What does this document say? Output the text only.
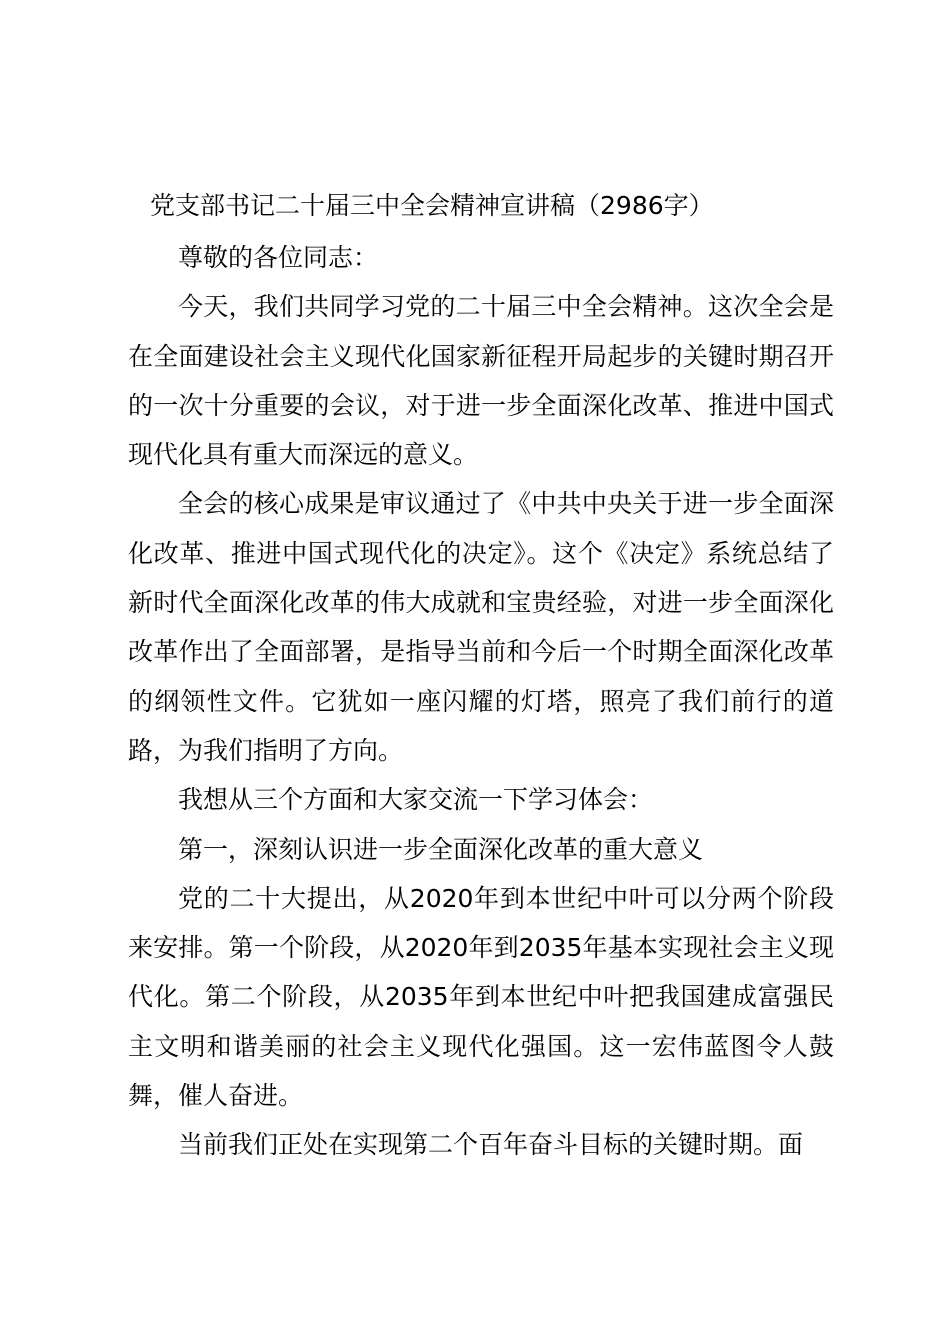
党支部书记二十届三中全会精神宣讲稿（2986字）

尊敬的各位同志：

今天，我们共同学习党的二十届三中全会精神。这次全会是在全面建设社会主义现代化国家新征程开局起步的关键时期召开的一次十分重要的会议，对于进一步全面深化改革、推进中国式现代化具有重大而深远的意义。

全会的核心成果是审议通过了《中共中央关于进一步全面深化改革、推进中国式现代化的决定》。这个《决定》系统总结了新时代全面深化改革的伟大成就和宝贵经验，对进一步全面深化改革作出了全面部署，是指导当前和今后一个时期全面深化改革的纲领性文件。它犹如一座闪耀的灯塔，照亮了我们前行的道路，为我们指明了方向。

我想从三个方面和大家交流一下学习体会：

第一，深刻认识进一步全面深化改革的重大意义

党的二十大提出，从2020年到本世纪中叶可以分两个阶段来安排。第一个阶段，从2020年到2035年基本实现社会主义现代化。第二个阶段，从2035年到本世纪中叶把我国建成富强民主文明和谐美丽的社会主义现代化强国。这一宏伟蓝图令人鼓舞，催人奋进。

当前我们正处在实现第二个百年奋斗目标的关键时期。面
